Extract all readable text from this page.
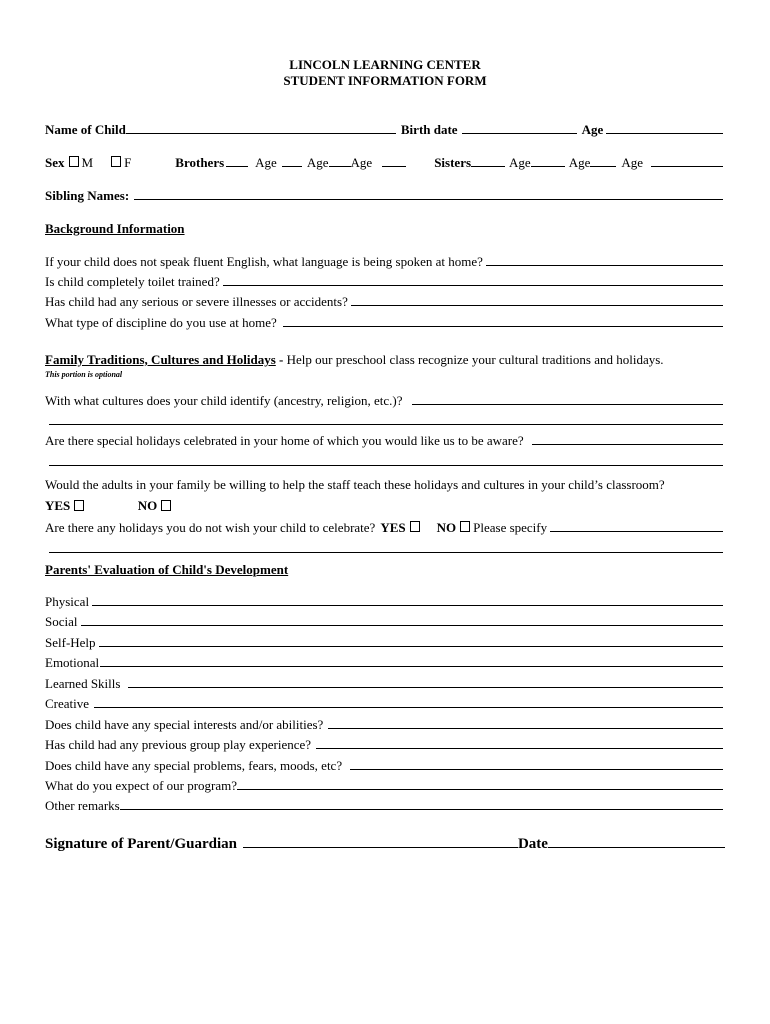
LINCOLN LEARNING CENTER
STUDENT INFORMATION FORM
Name of Child	Birth date	Age
Sex M F	Brothers Age Age Age	Sisters	Age	Age Age
Sibling Names:
Background Information
If your child does not speak fluent English, what language is being spoken at home?
Is child completely toilet trained?
Has child had any serious or severe illnesses or accidents?
What type of discipline do you use at home?
Family Traditions, Cultures and Holidays - Help our preschool class recognize your cultural traditions and holidays.
This portion is optional
With what cultures does your child identify (ancestry, religion, etc.)?
Are there special holidays celebrated in your home of which you would like us to be aware?
Would the adults in your family be willing to help the staff teach these holidays and cultures in your child’s classroom?
YES	NO
Are there any holidays you do not wish your child to celebrate? YES NO Please specify
Parents' Evaluation of Child's Development
Physical
Social
Self-Help
Emotional
Learned Skills
Creative
Does child have any special interests and/or abilities?
Has child had any previous group play experience?
Does child have any special problems, fears, moods, etc?
What do you expect of our program?
Other remarks
Signature of Parent/Guardian	Date
